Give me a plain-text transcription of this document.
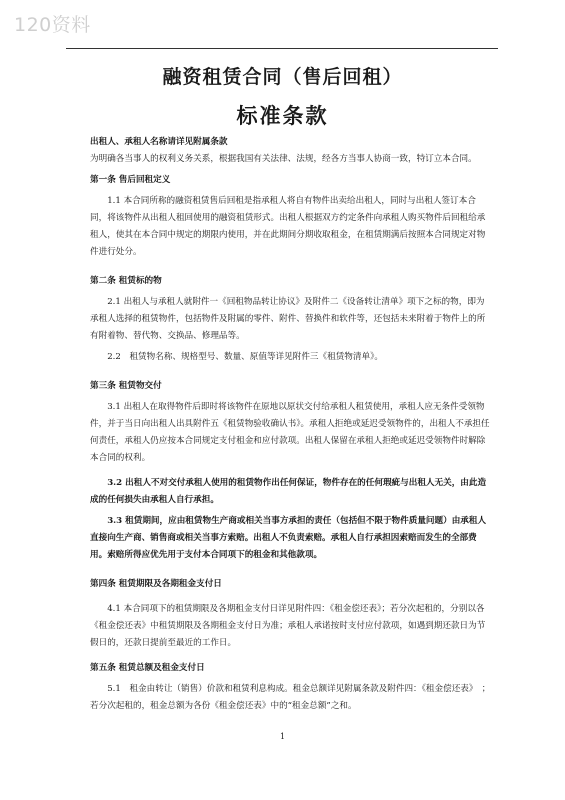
120资料
融资租赁合同（售后回租）
标准条款

出租人、承租人名称请详见附属条款

为明确各当事人的权利义务关系，根据我国有关法律、法规，经各方当事人协商一致，特订立本合同。

第一条 售后回租定义

1.1 本合同所称的融资租赁售后回租是指承租人将自有物件出卖给出租人，同时与出租人签订本合同，将该物件从出租人租回使用的融资租赁形式。出租人根据双方约定条件向承租人购买物件后回租给承租人，使其在本合同中规定的期限内使用，并在此期间分期收取租金，在租赁期满后按照本合同规定对物件进行处分。

第二条 租赁标的物

2.1 出租人与承租人就附件一《回租物品转让协议》及附件二《设备转让清单》项下之标的物，即为承租人选择的租赁物件，包括物件及附属的零件、附件、替换件和软件等，还包括未来附着于物件上的所有附着物、替代物、交换品、修理品等。

2.2　租赁物名称、规格型号、数量、原值等详见附件三《租赁物清单》。

第三条 租赁物交付

3.1 出租人在取得物件后即时将该物件在原地以原状交付给承租人租赁使用，承租人应无条件受领物件，并于当日向出租人出具附件五《租赁物验收确认书》。承租人拒绝或延迟受领物件的，出租人不承担任何责任，承租人仍应按本合同规定支付租金和应付款项。出租人保留在承租人拒绝或延迟受领物件时解除本合同的权利。

3.2 出租人不对交付承租人使用的租赁物作出任何保证，物件存在的任何瑕疵与出租人无关，由此造成的任何损失由承租人自行承担。

3.3 租赁期间，应由租赁物生产商或相关当事方承担的责任（包括但不限于物件质量问题）由承租人直接向生产商、销售商或相关当事方索赔。出租人不负责索赔。承租人自行承担因索赔而发生的全部费用。索赔所得应优先用于支付本合同项下的租金和其他款项。

第四条 租赁期限及各期租金支付日

4.1 本合同项下的租赁期限及各期租金支付日详见附件四：《租金偿还表》；若分次起租的，分别以各《租金偿还表》中租赁期限及各期租金支付日为准；承租人承诺按时支付应付款项，如遇到期还款日为节假日的，还款日提前至最近的工作日。

第五条 租赁总额及租金支付日

5.1　租金由转让（销售）价款和租赁利息构成。租金总额详见附属条款及附件四：《租金偿还表》　；若分次起租的，租金总额为各份《租金偿还表》中的“租金总额”之和。

1
